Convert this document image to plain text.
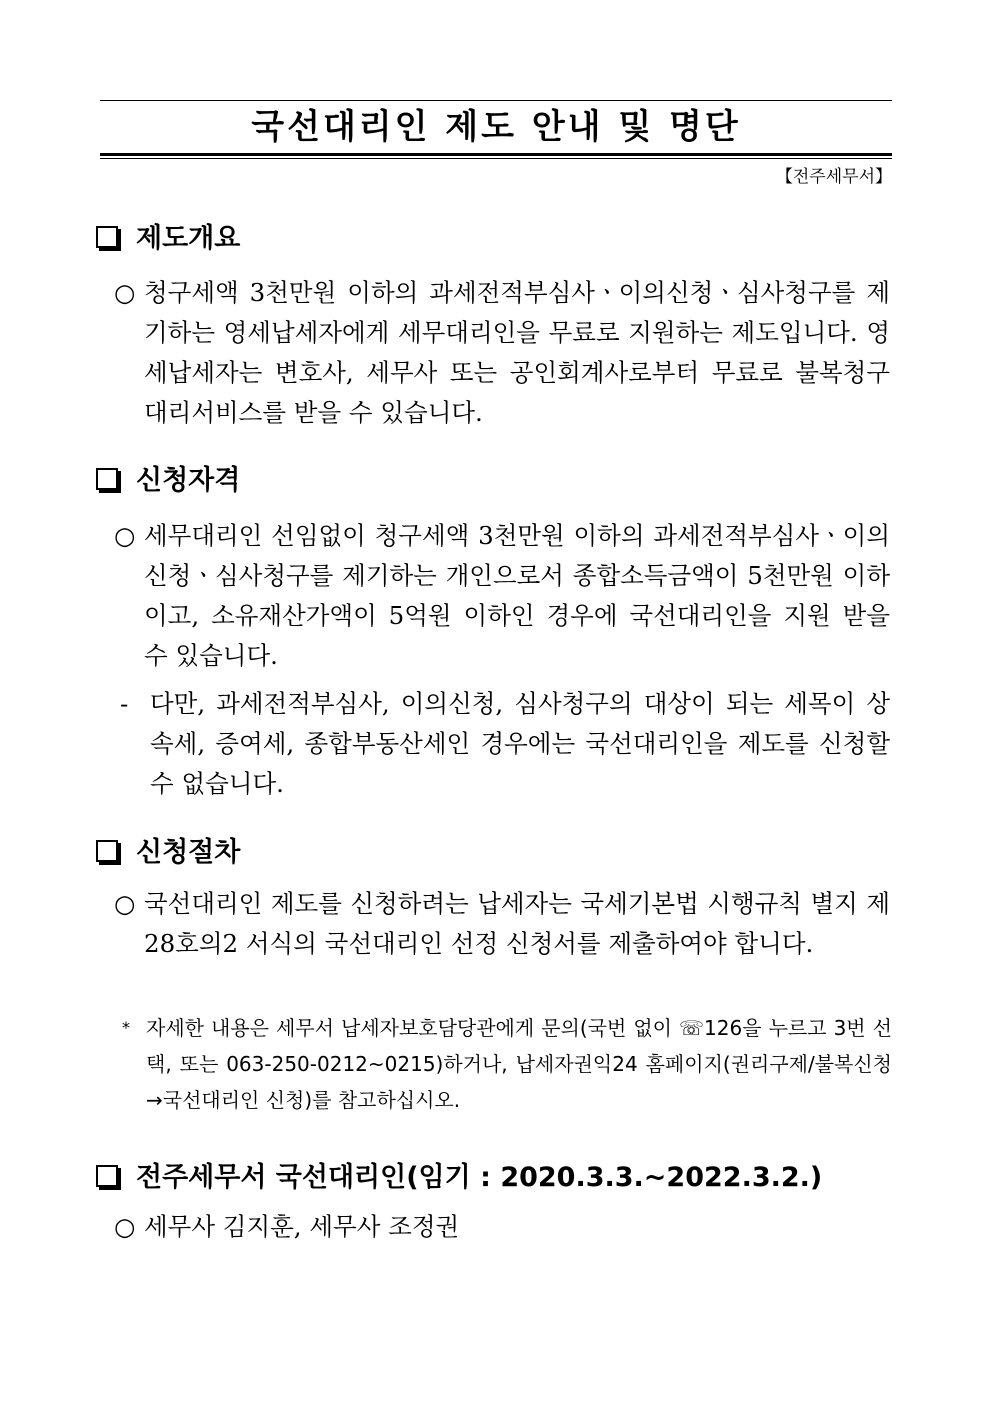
국선대리인 제도 안내 및 명단
【전주세무서】
제도개요
○ 청구세액 3천만원 이하의 과세전적부심사ㆍ이의신청ㆍ심사청구를 제기하는 영세납세자에게 세무대리인을 무료로 지원하는 제도입니다. 영세납세자는 변호사, 세무사 또는 공인회계사로부터 무료로 불복청구 대리서비스를 받을 수 있습니다.
신청자격
○ 세무대리인 선임없이 청구세액 3천만원 이하의 과세전적부심사ㆍ이의신청ㆍ심사청구를 제기하는 개인으로서 종합소득금액이 5천만원 이하이고, 소유재산가액이 5억원 이하인 경우에 국선대리인을 지원 받을 수 있습니다.
- 다만, 과세전적부심사, 이의신청, 심사청구의 대상이 되는 세목이 상속세, 증여세, 종합부동산세인 경우에는 국선대리인을 제도를 신청할 수 없습니다.
신청절차
○ 국선대리인 제도를 신청하려는 납세자는 국세기본법 시행규칙 별지 제28호의2 서식의 국선대리인 선정 신청서를 제출하여야 합니다.
* 자세한 내용은 세무서 납세자보호담당관에게 문의(국번 없이 ☏126을 누르고 3번 선택, 또는 063-250-0212~0215)하거나, 납세자권익24 홈페이지(권리구제/불복신청→국선대리인 신청)를 참고하십시오.
전주세무서 국선대리인(임기 : 2020.3.3.~2022.3.2.)
○ 세무사 김지훈, 세무사 조정권
